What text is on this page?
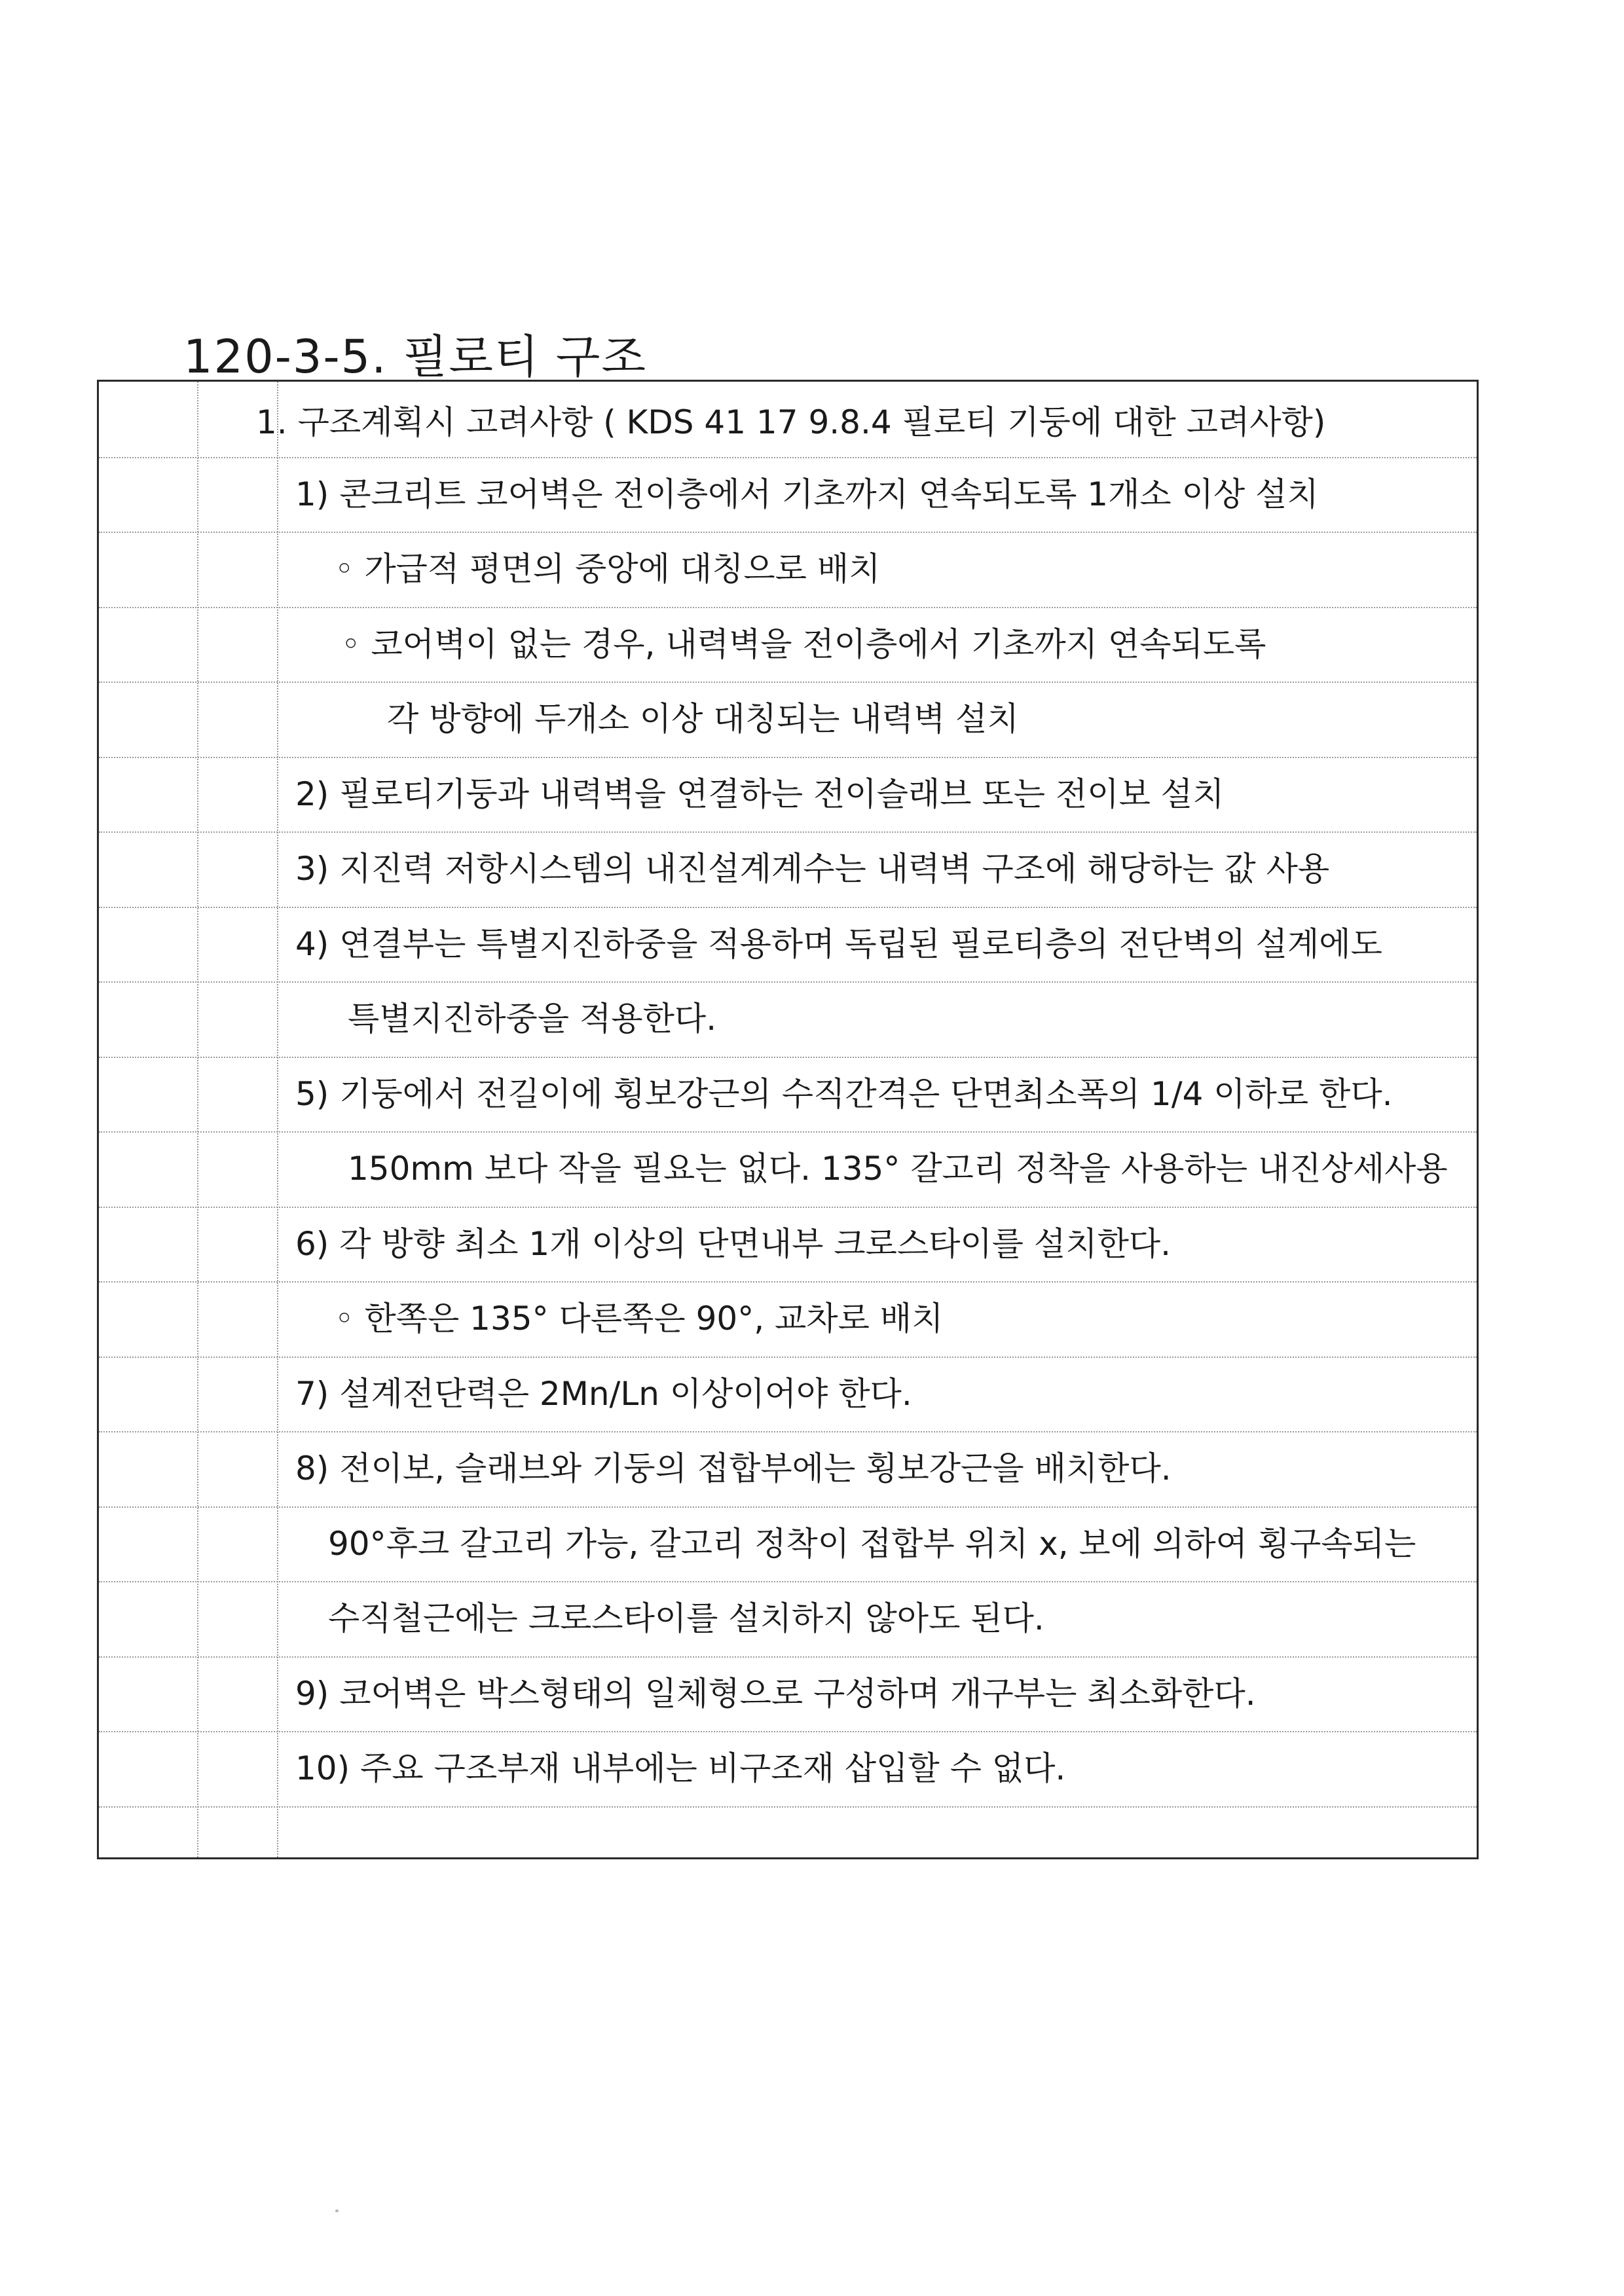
120-3-5. 필로티 구조
1. 구조계획시 고려사항 ( KDS 41 17 9.8.4 필로티 기둥에 대한 고려사항)
1) 콘크리트 코어벽은 전이층에서 기초까지 연속되도록 1개소 이상 설치
◦ 가급적 평면의 중앙에 대칭으로 배치
◦ 코어벽이 없는 경우, 내력벽을 전이층에서 기초까지 연속되도록
각 방향에 두개소 이상 대칭되는 내력벽 설치
2) 필로티기둥과 내력벽을 연결하는 전이슬래브 또는 전이보 설치
3) 지진력 저항시스템의 내진설계계수는 내력벽 구조에 해당하는 값 사용
4) 연결부는 특별지진하중을 적용하며 독립된 필로티층의 전단벽의 설계에도
특별지진하중을 적용한다.
5) 기둥에서 전길이에 횡보강근의 수직간격은 단면최소폭의 1/4 이하로 한다.
150mm 보다 작을 필요는 없다. 135° 갈고리 정착을 사용하는 내진상세사용
6) 각 방향 최소 1개 이상의 단면내부 크로스타이를 설치한다.
◦ 한쪽은 135° 다른쪽은 90°, 교차로 배치
7) 설계전단력은 2Mn/Ln 이상이어야 한다.
8) 전이보, 슬래브와 기둥의 접합부에는 횡보강근을 배치한다.
90°후크 갈고리 가능, 갈고리 정착이 접합부 위치 x, 보에 의하여 횡구속되는
수직철근에는 크로스타이를 설치하지 않아도 된다.
9) 코어벽은 박스형태의 일체형으로 구성하며 개구부는 최소화한다.
10) 주요 구조부재 내부에는 비구조재 삽입할 수 없다.
